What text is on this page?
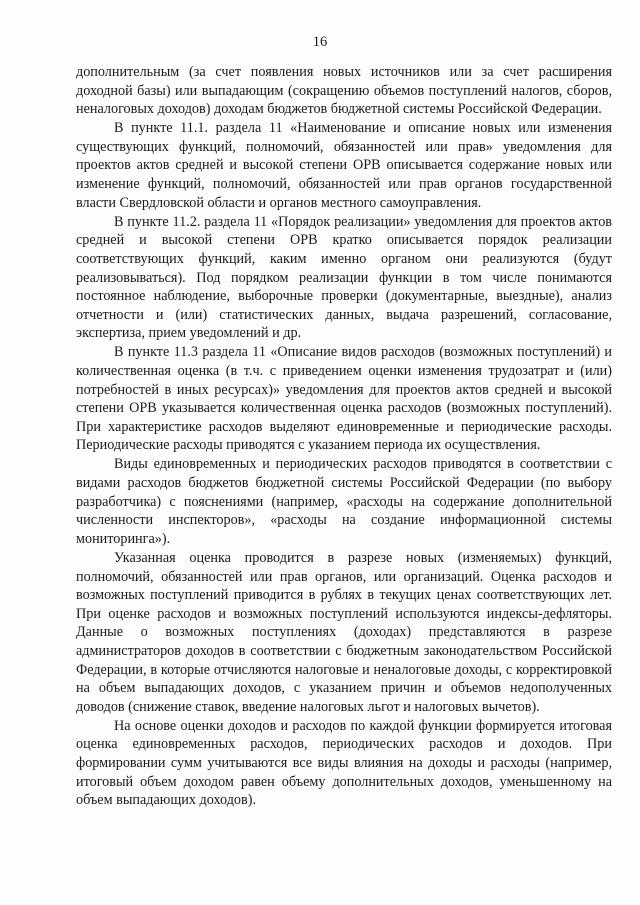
16

дополнительным (за счет появления новых источников или за счет расширения доходной базы) или выпадающим (сокращению объемов поступлений налогов, сборов, неналоговых доходов) доходам бюджетов бюджетной системы Российской Федерации.

В пункте 11.1. раздела 11 «Наименование и описание новых или изменения существующих функций, полномочий, обязанностей или прав» уведомления для проектов актов средней и высокой степени ОРВ описывается содержание новых или изменение функций, полномочий, обязанностей или прав органов государственной власти Свердловской области и органов местного самоуправления.

В пункте 11.2. раздела 11 «Порядок реализации» уведомления для проектов актов средней и высокой степени ОРВ кратко описывается порядок реализации соответствующих функций, каким именно органом они реализуются (будут реализовываться). Под порядком реализации функции в том числе понимаются постоянное наблюдение, выборочные проверки (документарные, выездные), анализ отчетности и (или) статистических данных, выдача разрешений, согласование, экспертиза, прием уведомлений и др.

В пункте 11.3 раздела 11 «Описание видов расходов (возможных поступлений) и количественная оценка (в т.ч. с приведением оценки изменения трудозатрат и (или) потребностей в иных ресурсах)» уведомления для проектов актов средней и высокой степени ОРВ указывается количественная оценка расходов (возможных поступлений). При характеристике расходов выделяют единовременные и периодические расходы. Периодические расходы приводятся с указанием периода их осуществления.

Виды единовременных и периодических расходов приводятся в соответствии с видами расходов бюджетов бюджетной системы Российской Федерации (по выбору разработчика) с пояснениями (например, «расходы на содержание дополнительной численности инспекторов», «расходы на создание информационной системы мониторинга»).

Указанная оценка проводится в разрезе новых (изменяемых) функций, полномочий, обязанностей или прав органов, или организаций. Оценка расходов и возможных поступлений приводится в рублях в текущих ценах соответствующих лет. При оценке расходов и возможных поступлений используются индексы-дефляторы. Данные о возможных поступлениях (доходах) представляются в разрезе администраторов доходов в соответствии с бюджетным законодательством Российской Федерации, в которые отчисляются налоговые и неналоговые доходы, с корректировкой на объем выпадающих доходов, с указанием причин и объемов недополученных доводов (снижение ставок, введение налоговых льгот и налоговых вычетов).

На основе оценки доходов и расходов по каждой функции формируется итоговая оценка единовременных расходов, периодических расходов и доходов. При формировании сумм учитываются все виды влияния на доходы и расходы (например, итоговый объем доходом равен объему дополнительных доходов, уменьшенному на объем выпадающих доходов).
